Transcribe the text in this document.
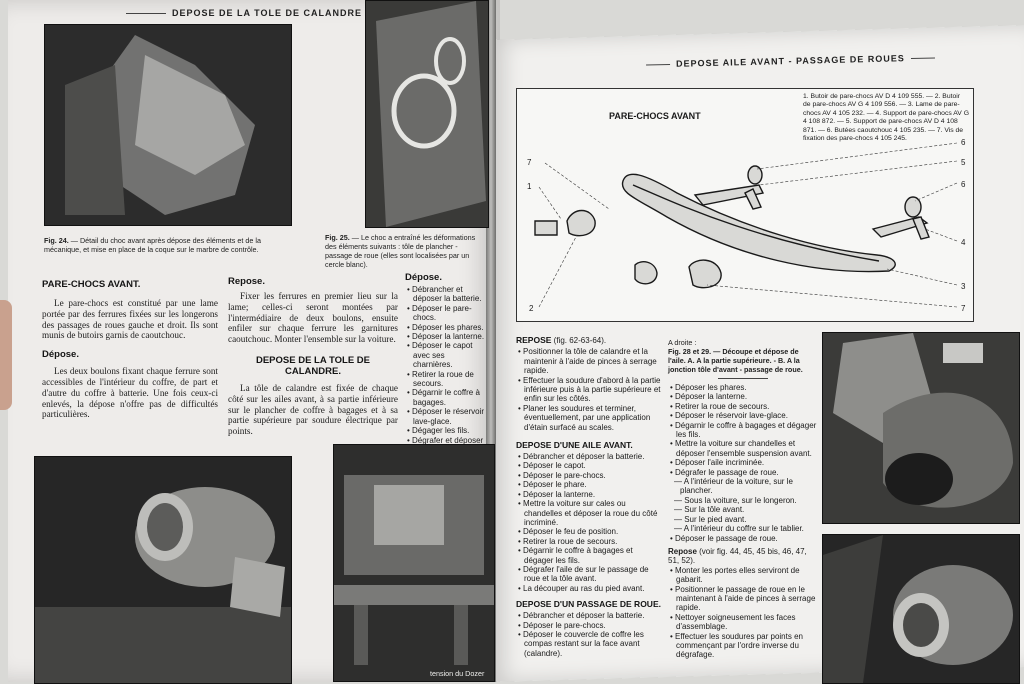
DEPOSE DE LA TOLE DE CALANDRE
Fig. 24. — Détail du choc avant après dépose des éléments et de la mécanique, et mise en place de la coque sur le marbre de contrôle.
Fig. 25. — Le choc a entraîné les déformations des éléments suivants : tôle de plancher - passage de roue (elles sont localisées par un cercle blanc).
PARE-CHOCS AVANT.
Le pare-chocs est constitué par une lame portée par des ferrures fixées sur les longerons des passages de roues gauche et droit. Ils sont munis de butoirs garnis de caoutchouc.
Dépose.
Les deux boulons fixant chaque ferrure sont accessibles de l'intérieur du coffre, de part et d'autre du coffre à batterie. Une fois ceux-ci enlevés, la dépose n'offre pas de difficultés particulières.
Repose.
Fixer les ferrures en premier lieu sur la lame; celles-ci seront montées par l'intermédiaire de deux boulons, ensuite enfiler sur chaque ferrure les garnitures caoutchouc. Monter l'ensemble sur la voiture.
DEPOSE DE LA TOLE DE CALANDRE.
La tôle de calandre est fixée de chaque côté sur les ailes avant, à sa partie inférieure sur le plancher de coffre à bagages et à sa partie supérieure par soudure électrique par points.
Dépose.
• Débrancher et déposer la batterie.
• Déposer le pare-chocs.
• Déposer les phares.
• Déposer la lanterne.
• Déposer le capot avec ses charnières.
• Retirer la roue de secours.
• Dégarnir le coffre à bagages.
• Déposer le réservoir lave-glace.
• Dégager les fils.
• Dégrafer et déposer
tension du Dozer
DEPOSE AILE AVANT - PASSAGE DE ROUES
PARE-CHOCS AVANT
1. Butoir de pare-chocs AV D 4 109 555. — 2. Butoir de pare-chocs AV G 4 109 556. — 3. Lame de pare-chocs AV 4 105 232. — 4. Support de pare-chocs AV G 4 108 872. — 5. Support de pare-chocs AV D 4 108 871. — 6. Butées caoutchouc 4 105 235. — 7. Vis de fixation des pare-chocs 4 105 245.
7
1
6
5
6
4
3
7
2
REPOSE (fig. 62-63-64).
• Positionner la tôle de calandre et la maintenir à l'aide de pinces à serrage rapide.
• Effectuer la soudure d'abord à la partie inférieure puis à la partie supérieure et enfin sur les côtés.
• Planer les soudures et terminer, éventuellement, par une application d'étain surfacé au scales.
DEPOSE D'UNE AILE AVANT.
• Débrancher et déposer la batterie.
• Déposer le capot.
• Déposer le pare-chocs.
• Déposer le phare.
• Déposer la lanterne.
• Mettre la voiture sur cales ou chandelles et déposer la roue du côté incriminé.
• Déposer le feu de position.
• Retirer la roue de secours.
• Dégarnir le coffre à bagages et dégager les fils.
• Dégrafer l'aile de sur le passage de roue et la tôle avant.
• La découper au ras du pied avant.
DEPOSE D'UN PASSAGE DE ROUE.
• Débrancher et déposer la batterie.
• Déposer le pare-chocs.
• Déposer le couvercle de coffre les compas restant sur la face avant (calandre).
A droite :
Fig. 28 et 29. — Découpe et dépose de l'aile. A. A la partie supérieure. - B. A la jonction tôle d'avant - passage de roue.
• Déposer les phares.
• Déposer la lanterne.
• Retirer la roue de secours.
• Déposer le réservoir lave-glace.
• Dégarnir le coffre à bagages et dégager les fils.
• Mettre la voiture sur chandelles et déposer l'ensemble suspension avant.
• Déposer l'aile incriminée.
• Dégrafer le passage de roue.
— A l'intérieur de la voiture, sur le plancher.
— Sous la voiture, sur le longeron.
— Sur la tôle avant.
— Sur le pied avant.
— A l'intérieur du coffre sur le tablier.
• Déposer le passage de roue.
Repose (voir fig. 44, 45, 45 bis, 46, 47, 51, 52).
• Monter les portes elles serviront de gabarit.
• Positionner le passage de roue en le maintenant à l'aide de pinces à serrage rapide.
• Nettoyer soigneusement les faces d'assemblage.
• Effectuer les soudures par points en commençant par l'ordre inverse du dégrafage.
